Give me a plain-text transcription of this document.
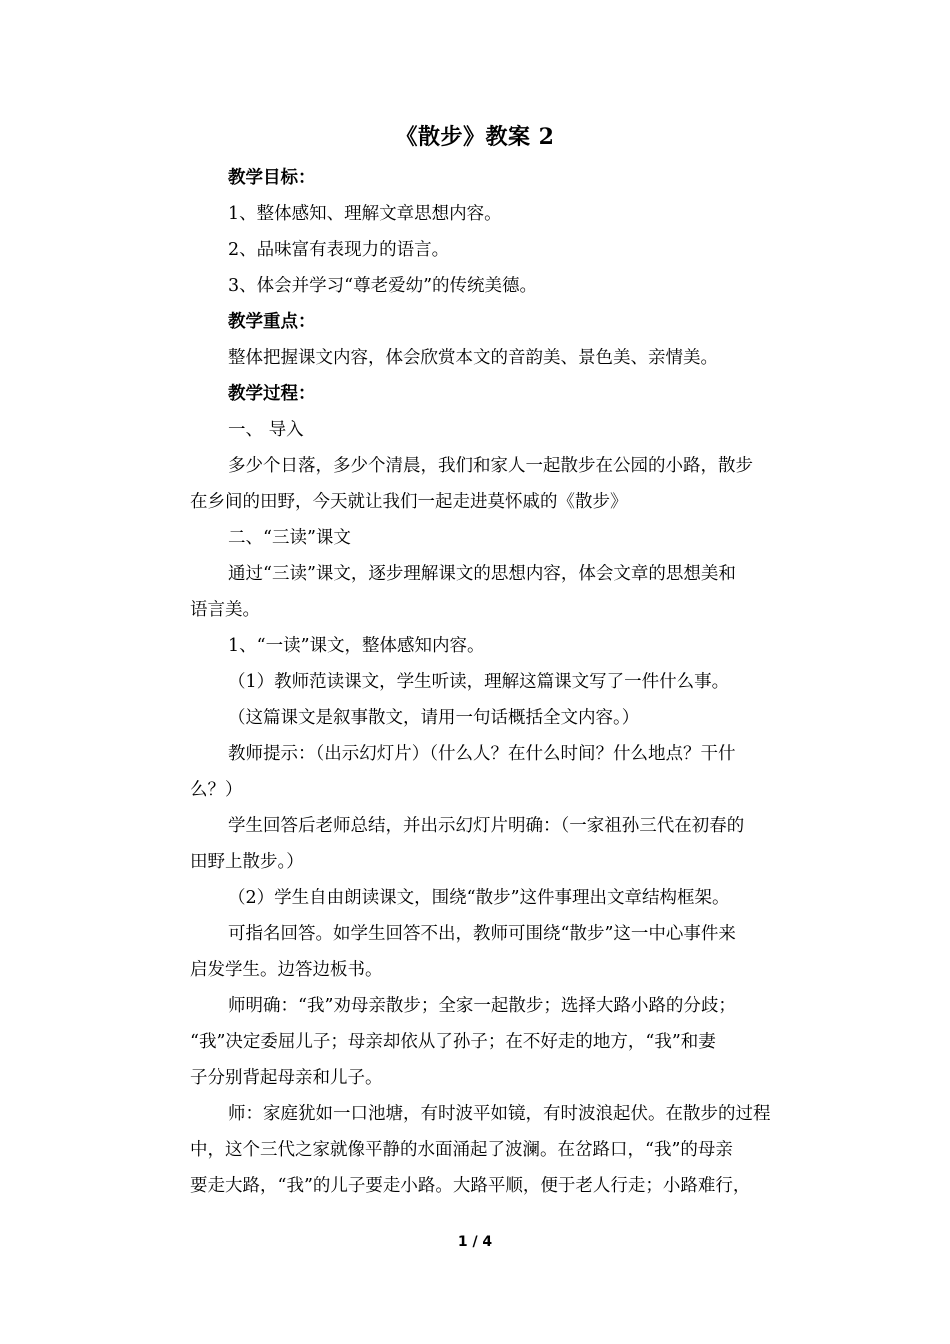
《散步》教案 2
教学目标：
1、整体感知、理解文章思想内容。
2、品味富有表现力的语言。
3、体会并学习“尊老爱幼”的传统美德。
教学重点：
整体把握课文内容，体会欣赏本文的音韵美、景色美、亲情美。
教学过程：
一、 导入
多少个日落，多少个清晨，我们和家人一起散步在公园的小路，散步
在乡间的田野，今天就让我们一起走进莫怀戚的《散步》
二、“三读”课文
通过“三读”课文，逐步理解课文的思想内容，体会文章的思想美和
语言美。
1、“一读”课文，整体感知内容。
（1）教师范读课文，学生听读，理解这篇课文写了一件什么事。
（这篇课文是叙事散文，请用一句话概括全文内容。）
教师提示：（出示幻灯片）（什么人？在什么时间？什么地点？干什
么？）
学生回答后老师总结，并出示幻灯片明确：（一家祖孙三代在初春的
田野上散步。）
（2）学生自由朗读课文，围绕“散步”这件事理出文章结构框架。
可指名回答。如学生回答不出，教师可围绕“散步”这一中心事件来
启发学生。边答边板书。
师明确：“我”劝母亲散步；全家一起散步；选择大路小路的分歧；
“我”决定委屈儿子；母亲却依从了孙子；在不好走的地方，“我”和妻
子分别背起母亲和儿子。
师：家庭犹如一口池塘，有时波平如镜，有时波浪起伏。在散步的过程
中，这个三代之家就像平静的水面涌起了波澜。在岔路口，“我”的母亲
要走大路，“我”的儿子要走小路。大路平顺，便于老人行走；小路难行，
1 / 4
